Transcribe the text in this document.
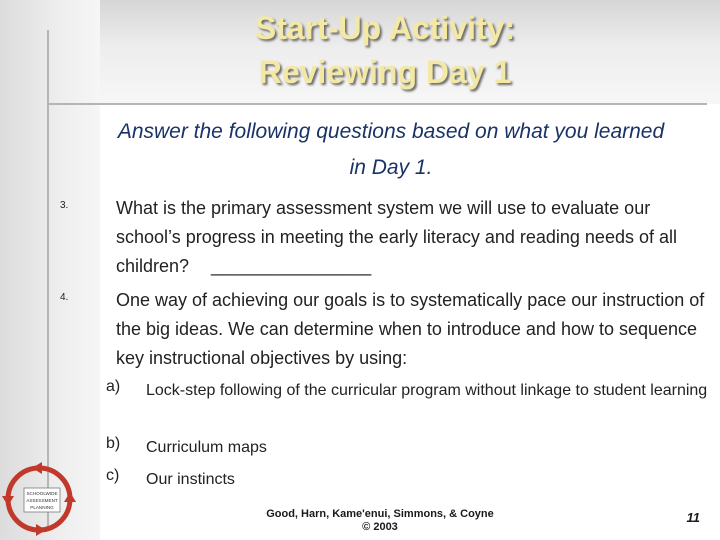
Start-Up Activity:
Reviewing Day 1
Answer the following questions based on what you learned
in Day 1.
3.	What is the primary assessment system we will use to evaluate our school’s progress in meeting the early literacy and reading needs of all children? ________________
4.	One way of achieving our goals is to systematically pace our instruction of the big ideas. We can determine when to introduce and how to sequence key instructional objectives by using:
a) Lock-step following of the curricular program without linkage to student learning
b) Curriculum maps
c) Our instincts
Good, Harn, Kame'enui, Simmons, & Coyne
© 2003
11
SCHOOLWIDE
ASSESSMENT
PLANNING
